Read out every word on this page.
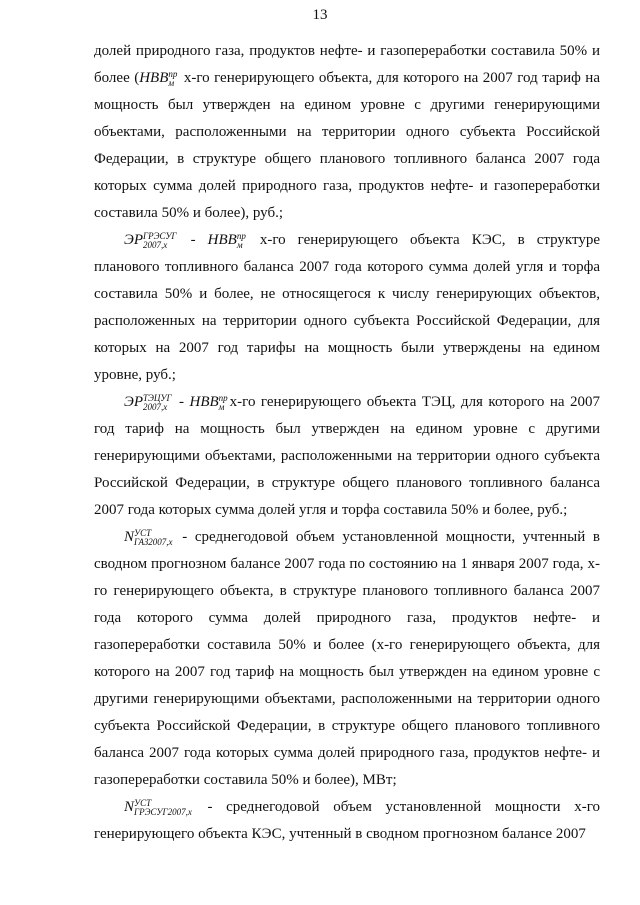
13

долей природного газа, продуктов нефте- и газопереработки составила 50% и более (НВВ пр
м x-го генерирующего объекта, для которого на 2007 год тариф на мощность был утвержден на едином уровне с другими генерирующими объектами, расположенными на территории одного субъекта Российской Федерации, в структуре общего планового топливного баланса 2007 года которых сумма долей природного газа, продуктов нефте- и газопереработки составила 50% и более), руб.;

ЭР ГРЭСУГ
2007,x - НВВ пр
м x-го генерирующего объекта КЭС, в структуре планового топливного баланса 2007 года которого сумма долей угля и торфа составила 50% и более, не относящегося к числу генерирующих объектов, расположенных на территории одного субъекта Российской Федерации, для которых на 2007 год тарифы на мощность были утверждены на едином уровне, руб.;

ЭР ТЭЦУГ
2007,x - НВВ пр
м x-го генерирующего объекта ТЭЦ, для которого на 2007 год тариф на мощность был утвержден на едином уровне с другими генерирующими объектами, расположенными на территории одного субъекта Российской Федерации, в структуре общего планового топливного баланса 2007 года которых сумма долей угля и торфа составила 50% и более, руб.;

N УСТ
ГАЗ2007,x - среднегодовой объем установленной мощности, учтенный в сводном прогнозном балансе 2007 года по состоянию на 1 января 2007 года, x-го генерирующего объекта, в структуре планового топливного баланса 2007 года которого сумма долей природного газа, продуктов нефте- и газопереработки составила 50% и более (x-го генерирующего объекта, для которого на 2007 год тариф на мощность был утвержден на едином уровне с другими генерирующими объектами, расположенными на территории одного субъекта Российской Федерации, в структуре общего планового топливного баланса 2007 года которых сумма долей природного газа, продуктов нефте- и газопереработки составила 50% и более), МВт;

N УСТ
ГРЭСУГ2007,x - среднегодовой объем установленной мощности x-го генерирующего объекта КЭС, учтенный в сводном прогнозном балансе 2007
